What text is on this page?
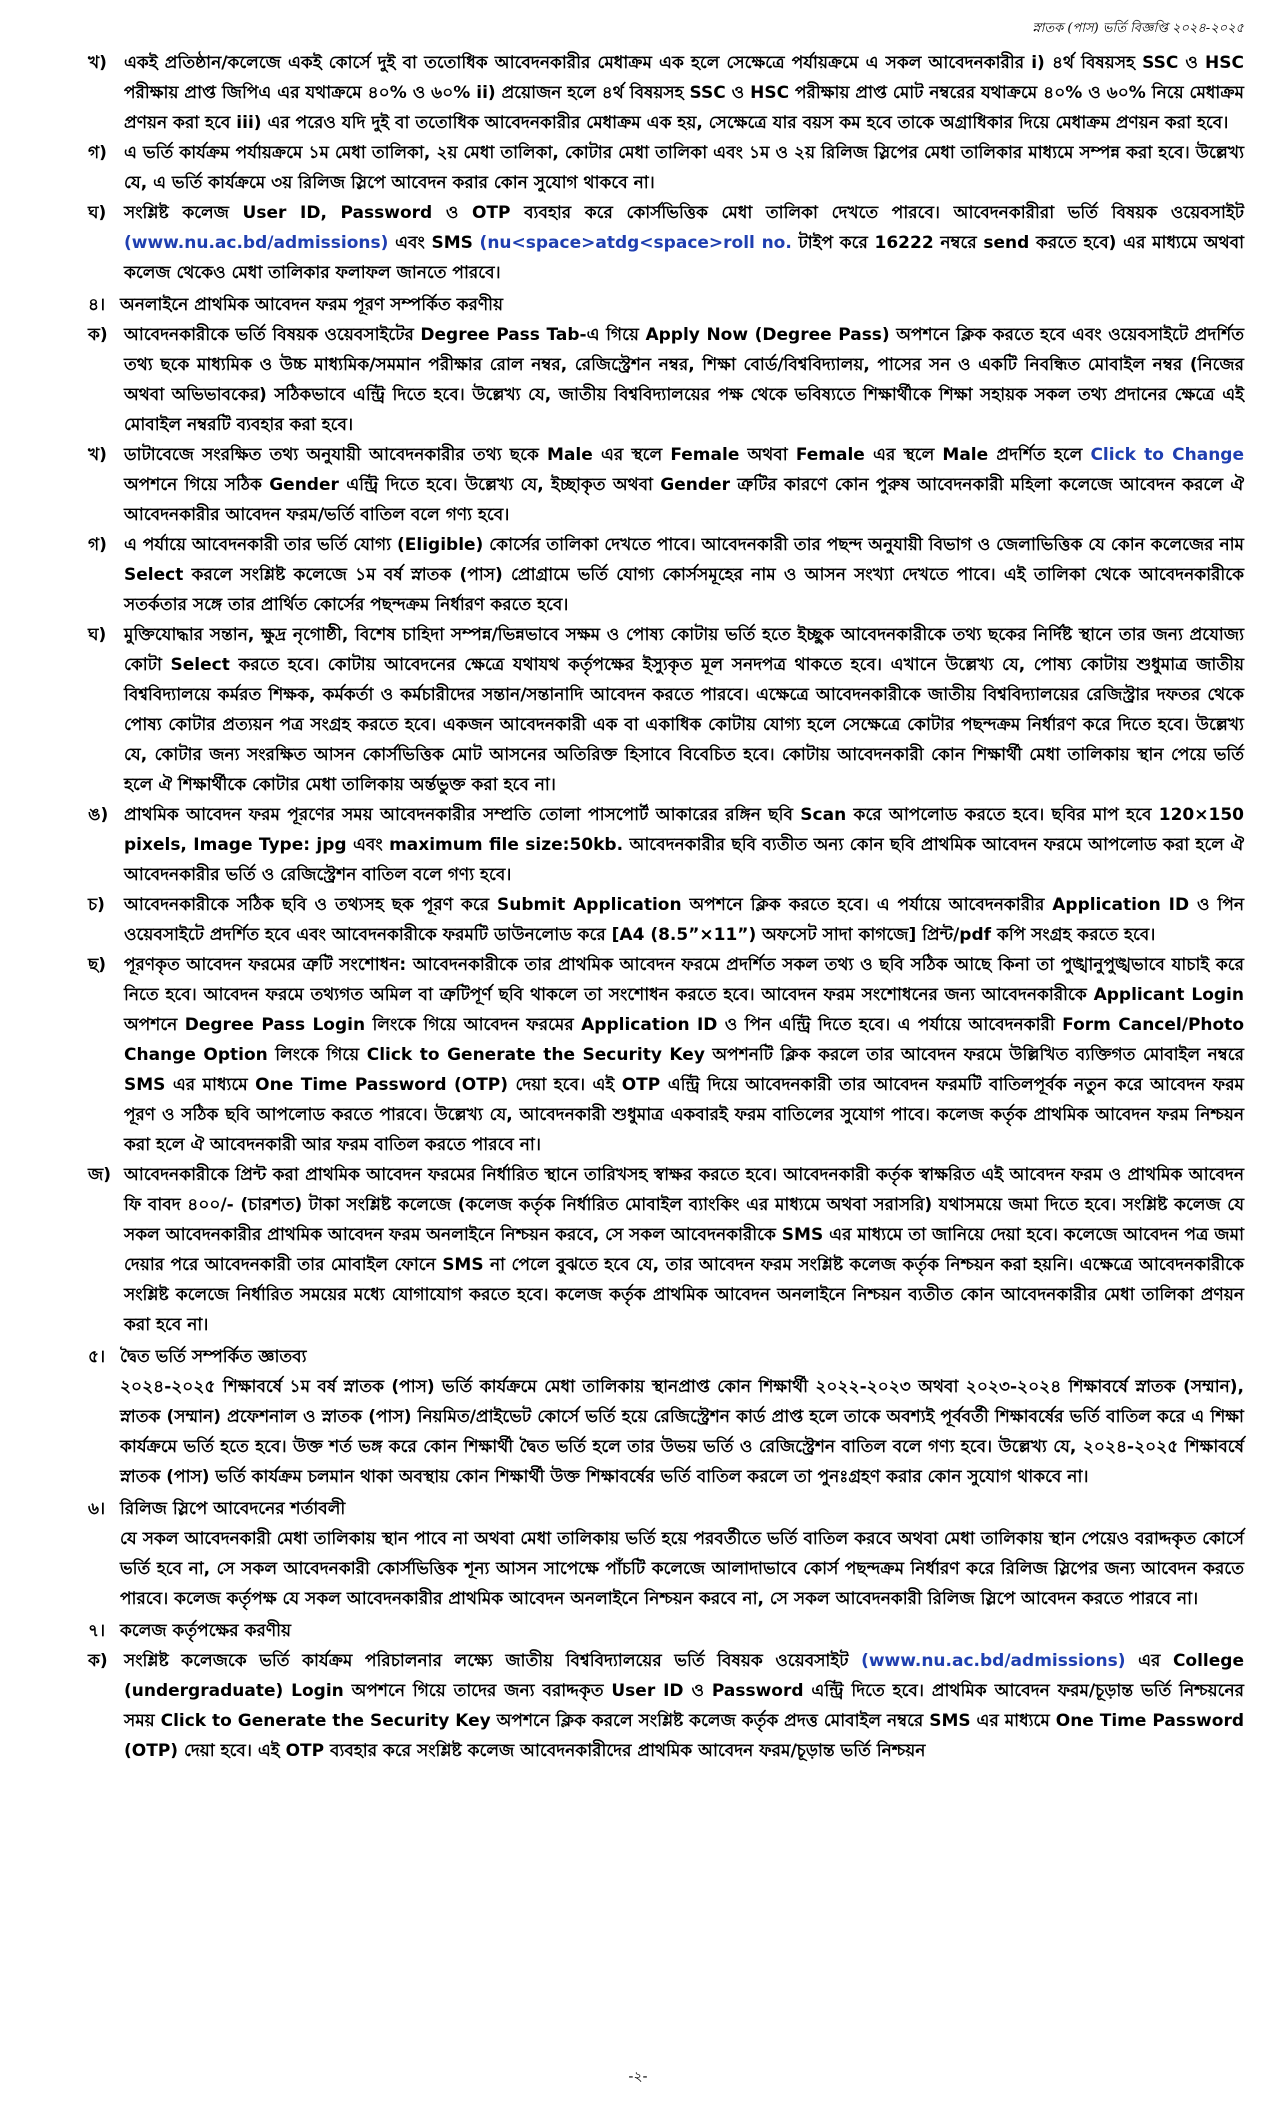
স্নাতক (পাস) ভর্তি বিজ্ঞপ্তি ২০২৪-২০২৫
খ)	একই প্রতিষ্ঠান/কলেজে একই কোর্সে দুই বা ততোধিক আবেদনকারীর মেধাক্রম এক হলে সেক্ষেত্রে পর্যায়ক্রমে এ সকল আবেদনকারীর i) ৪র্থ বিষয়সহ SSC ও HSC পরীক্ষায় প্রাপ্ত জিপিএ এর যথাক্রমে ৪০% ও ৬০% ii) প্রয়োজন হলে ৪র্থ বিষয়সহ SSC ও HSC পরীক্ষায় প্রাপ্ত মোট নম্বরের যথাক্রমে ৪০% ও ৬০% নিয়ে মেধাক্রম প্রণয়ন করা হবে iii) এর পরেও যদি দুই বা ততোধিক আবেদনকারীর মেধাক্রম এক হয়, সেক্ষেত্রে যার বয়স কম হবে তাকে অগ্রাধিকার দিয়ে মেধাক্রম প্রণয়ন করা হবে।
গ)	এ ভর্তি কার্যক্রম পর্যায়ক্রমে ১ম মেধা তালিকা, ২য় মেধা তালিকা, কোটার মেধা তালিকা এবং ১ম ও ২য় রিলিজ স্লিপের মেধা তালিকার মাধ্যমে সম্পন্ন করা হবে। উল্লেখ্য যে, এ ভর্তি কার্যক্রমে ৩য় রিলিজ স্লিপে আবেদন করার কোন সুযোগ থাকবে না।
ঘ)	সংশ্লিষ্ট কলেজ User ID, Password ও OTP ব্যবহার করে কোর্সভিত্তিক মেধা তালিকা দেখতে পারবে। আবেদনকারীরা ভর্তি বিষয়ক ওয়েবসাইট (www.nu.ac.bd/admissions) এবং SMS (nu<space>atdg<space>roll no. টাইপ করে 16222 নম্বরে send করতে হবে) এর মাধ্যমে অথবা কলেজ থেকেও মেধা তালিকার ফলাফল জানতে পারবে।
৪। অনলাইনে প্রাথমিক আবেদন ফরম পূরণ সম্পর্কিত করণীয়
ক) আবেদনকারীকে ভর্তি বিষয়ক ওয়েবসাইটের Degree Pass Tab-এ গিয়ে Apply Now (Degree Pass) অপশনে ক্লিক করতে হবে এবং ওয়েবসাইটে প্রদর্শিত তথ্য ছকে মাধ্যমিক ও উচ্চ মাধ্যমিক/সমমান পরীক্ষার রোল নম্বর, রেজিস্ট্রেশন নম্বর, শিক্ষা বোর্ড/বিশ্ববিদ্যালয়, পাসের সন ও একটি নিবন্ধিত মোবাইল নম্বর (নিজের অথবা অভিভাবকের) সঠিকভাবে এন্ট্রি দিতে হবে। উল্লেখ্য যে, জাতীয় বিশ্ববিদ্যালয়ের পক্ষ থেকে ভবিষ্যতে শিক্ষার্থীকে শিক্ষা সহায়ক সকল তথ্য প্রদানের ক্ষেত্রে এই মোবাইল নম্বরটি ব্যবহার করা হবে।
খ)	ডাটাবেজে সংরক্ষিত তথ্য অনুযায়ী আবেদনকারীর তথ্য ছকে Male এর স্থলে Female অথবা Female এর স্থলে Male প্রদর্শিত হলে Click to Change অপশনে গিয়ে সঠিক Gender এন্ট্রি দিতে হবে। উল্লেখ্য যে, ইচ্ছাকৃত অথবা Gender ত্রুটির কারণে কোন পুরুষ আবেদনকারী মহিলা কলেজে আবেদন করলে ঐ আবেদনকারীর আবেদন ফরম/ভর্তি বাতিল বলে গণ্য হবে।
গ)	এ পর্যায়ে আবেদনকারী তার ভর্তি যোগ্য (Eligible) কোর্সের তালিকা দেখতে পাবে। আবেদনকারী তার পছন্দ অনুযায়ী বিভাগ ও জেলাভিত্তিক যে কোন কলেজের নাম Select করলে সংশ্লিষ্ট কলেজে ১ম বর্ষ স্নাতক (পাস) প্রোগ্রামে ভর্তি যোগ্য কোর্সসমূহের নাম ও আসন সংখ্যা দেখতে পাবে। এই তালিকা থেকে আবেদনকারীকে সতর্কতার সঙ্গে তার প্রার্থিত কোর্সের পছন্দক্রম নির্ধারণ করতে হবে।
ঘ)	মুক্তিযোদ্ধার সন্তান, ক্ষুদ্র নৃগোষ্ঠী, বিশেষ চাহিদা সম্পন্ন/ভিন্নভাবে সক্ষম ও পোষ্য কোটায় ভর্তি হতে ইচ্ছুক আবেদনকারীকে তথ্য ছকের নির্দিষ্ট স্থানে তার জন্য প্রযোজ্য কোটা Select করতে হবে। কোটায় আবেদনের ক্ষেত্রে যথাযথ কর্তৃপক্ষের ইস্যুকৃত মূল সনদপত্র থাকতে হবে। এখানে উল্লেখ্য যে, পোষ্য কোটায় শুধুমাত্র জাতীয় বিশ্ববিদ্যালয়ে কর্মরত শিক্ষক, কর্মকর্তা ও কর্মচারীদের সন্তান/সন্তানাদি আবেদন করতে পারবে। এক্ষেত্রে আবেদনকারীকে জাতীয় বিশ্ববিদ্যালয়ের রেজিস্ট্রার দফতর থেকে পোষ্য কোটার প্রত্যয়ন পত্র সংগ্রহ করতে হবে। একজন আবেদনকারী এক বা একাধিক কোটায় যোগ্য হলে সেক্ষেত্রে কোটার পছন্দক্রম নির্ধারণ করে দিতে হবে। উল্লেখ্য যে, কোটার জন্য সংরক্ষিত আসন কোর্সভিত্তিক মোট আসনের অতিরিক্ত হিসাবে বিবেচিত হবে। কোটায় আবেদনকারী কোন শিক্ষার্থী মেধা তালিকায় স্থান পেয়ে ভর্তি হলে ঐ শিক্ষার্থীকে কোটার মেধা তালিকায় অর্ন্তভুক্ত করা হবে না।
ঙ) প্রাথমিক আবেদন ফরম পূরণের সময় আবেদনকারীর সম্প্রতি তোলা পাসপোর্ট আকারের রঙ্গিন ছবি Scan করে আপলোড করতে হবে। ছবির মাপ হবে 120×150 pixels, Image Type: jpg এবং maximum file size:50kb. আবেদনকারীর ছবি ব্যতীত অন্য কোন ছবি প্রাথমিক আবেদন ফরমে আপলোড করা হলে ঐ আবেদনকারীর ভর্তি ও রেজিস্ট্রেশন বাতিল বলে গণ্য হবে।
চ)	আবেদনকারীকে সঠিক ছবি ও তথ্যসহ ছক পূরণ করে Submit Application অপশনে ক্লিক করতে হবে। এ পর্যায়ে আবেদনকারীর Application ID ও পিন ওয়েবসাইটে প্রদর্শিত হবে এবং আবেদনকারীকে ফরমটি ডাউনলোড করে [A4 (8.5”×11”) অফসেট সাদা কাগজে] প্রিন্ট/pdf কপি সংগ্রহ করতে হবে।
ছ)	পূরণকৃত আবেদন ফরমের ত্রুটি সংশোধন: আবেদনকারীকে তার প্রাথমিক আবেদন ফরমে প্রদর্শিত সকল তথ্য ও ছবি সঠিক আছে কিনা তা পুঙ্খানুপুঙ্খভাবে যাচাই করে নিতে হবে। আবেদন ফরমে তথ্যগত অমিল বা ত্রুটিপূর্ণ ছবি থাকলে তা সংশোধন করতে হবে। আবেদন ফরম সংশোধনের জন্য আবেদনকারীকে Applicant Login অপশনে Degree Pass Login লিংকে গিয়ে আবেদন ফরমের Application ID ও পিন এন্ট্রি দিতে হবে। এ পর্যায়ে আবেদনকারী Form Cancel/Photo Change Option লিংকে গিয়ে Click to Generate the Security Key অপশনটি ক্লিক করলে তার আবেদন ফরমে উল্লিখিত ব্যক্তিগত মোবাইল নম্বরে SMS এর মাধ্যমে One Time Password (OTP) দেয়া হবে। এই OTP এন্ট্রি দিয়ে আবেদনকারী তার আবেদন ফরমটি বাতিলপূর্বক নতুন করে আবেদন ফরম পূরণ ও সঠিক ছবি আপলোড করতে পারবে। উল্লেখ্য যে, আবেদনকারী শুধুমাত্র একবারই ফরম বাতিলের সুযোগ পাবে। কলেজ কর্তৃক প্রাথমিক আবেদন ফরম নিশ্চয়ন করা হলে ঐ আবেদনকারী আর ফরম বাতিল করতে পারবে না।
জ) আবেদনকারীকে প্রিন্ট করা প্রাথমিক আবেদন ফরমের নির্ধারিত স্থানে তারিখসহ স্বাক্ষর করতে হবে। আবেদনকারী কর্তৃক স্বাক্ষরিত এই আবেদন ফরম ও প্রাথমিক আবেদন ফি বাবদ ৪০০/- (চারশত) টাকা সংশ্লিষ্ট কলেজে (কলেজ কর্তৃক নির্ধারিত মোবাইল ব্যাংকিং এর মাধ্যমে অথবা সরাসরি) যথাসময়ে জমা দিতে হবে। সংশ্লিষ্ট কলেজ যে সকল আবেদনকারীর প্রাথমিক আবেদন ফরম অনলাইনে নিশ্চয়ন করবে, সে সকল আবেদনকারীকে SMS এর মাধ্যমে তা জানিয়ে দেয়া হবে। কলেজে আবেদন পত্র জমা দেয়ার পরে আবেদনকারী তার মোবাইল ফোনে SMS না পেলে বুঝতে হবে যে, তার আবেদন ফরম সংশ্লিষ্ট কলেজ কর্তৃক নিশ্চয়ন করা হয়নি। এক্ষেত্রে আবেদনকারীকে সংশ্লিষ্ট কলেজে নির্ধারিত সময়ের মধ্যে যোগাযোগ করতে হবে। কলেজ কর্তৃক প্রাথমিক আবেদন অনলাইনে নিশ্চয়ন ব্যতীত কোন আবেদনকারীর মেধা তালিকা প্রণয়ন করা হবে না।
৫। দ্বৈত ভর্তি সম্পর্কিত জ্ঞাতব্য
২০২৪-২০২৫ শিক্ষাবর্ষে ১ম বর্ষ স্নাতক (পাস) ভর্তি কার্যক্রমে মেধা তালিকায় স্থানপ্রাপ্ত কোন শিক্ষার্থী ২০২২-২০২৩ অথবা ২০২৩-২০২৪ শিক্ষাবর্ষে স্নাতক (সম্মান), স্নাতক (সম্মান) প্রফেশনাল ও স্নাতক (পাস) নিয়মিত/প্রাইভেট কোর্সে ভর্তি হয়ে রেজিস্ট্রেশন কার্ড প্রাপ্ত হলে তাকে অবশ্যই পূর্ববর্তী শিক্ষাবর্ষের ভর্তি বাতিল করে এ শিক্ষা কার্যক্রমে ভর্তি হতে হবে। উক্ত শর্ত ভঙ্গ করে কোন শিক্ষার্থী দ্বৈত ভর্তি হলে তার উভয় ভর্তি ও রেজিস্ট্রেশন বাতিল বলে গণ্য হবে। উল্লেখ্য যে, ২০২৪-২০২৫ শিক্ষাবর্ষে স্নাতক (পাস) ভর্তি কার্যক্রম চলমান থাকা অবস্থায় কোন শিক্ষার্থী উক্ত শিক্ষাবর্ষের ভর্তি বাতিল করলে তা পুনঃগ্রহণ করার কোন সুযোগ থাকবে না।
৬। রিলিজ স্লিপে আবেদনের শর্তাবলী
যে সকল আবেদনকারী মেধা তালিকায় স্থান পাবে না অথবা মেধা তালিকায় ভর্তি হয়ে পরবর্তীতে ভর্তি বাতিল করবে অথবা মেধা তালিকায় স্থান পেয়েও বরাদ্দকৃত কোর্সে ভর্তি হবে না, সে সকল আবেদনকারী কোর্সভিত্তিক শূন্য আসন সাপেক্ষে পাঁচটি কলেজে আলাদাভাবে কোর্স পছন্দক্রম নির্ধারণ করে রিলিজ স্লিপের জন্য আবেদন করতে পারবে। কলেজ কর্তৃপক্ষ যে সকল আবেদনকারীর প্রাথমিক আবেদন অনলাইনে নিশ্চয়ন করবে না, সে সকল আবেদনকারী রিলিজ স্লিপে আবেদন করতে পারবে না।
৭। কলেজ কর্তৃপক্ষের করণীয়
ক) সংশ্লিষ্ট কলেজকে ভর্তি কার্যক্রম পরিচালনার লক্ষ্যে জাতীয় বিশ্ববিদ্যালয়ের ভর্তি বিষয়ক ওয়েবসাইট (www.nu.ac.bd/admissions) এর College (undergraduate) Login অপশনে গিয়ে তাদের জন্য বরাদ্দকৃত User ID ও Password এন্ট্রি দিতে হবে। প্রাথমিক আবেদন ফরম/চূড়ান্ত ভর্তি নিশ্চয়নের সময় Click to Generate the Security Key অপশনে ক্লিক করলে সংশ্লিষ্ট কলেজ কর্তৃক প্রদত্ত মোবাইল নম্বরে SMS এর মাধ্যমে One Time Password (OTP) দেয়া হবে। এই OTP ব্যবহার করে সংশ্লিষ্ট কলেজ আবেদনকারীদের প্রাথমিক আবেদন ফরম/চূড়ান্ত ভর্তি নিশ্চয়ন
-২-
